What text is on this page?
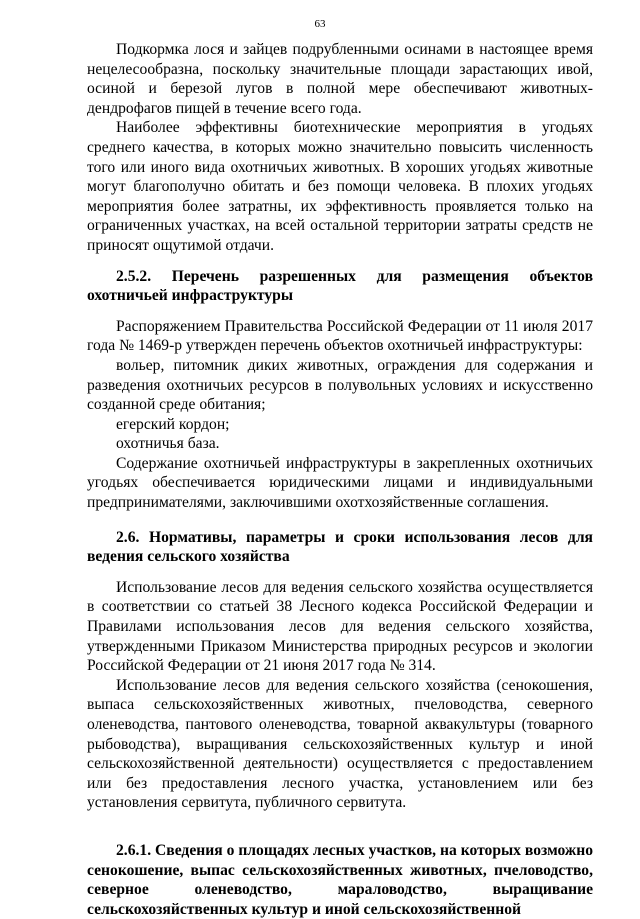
63

Подкормка лося и зайцев подрубленными осинами в настоящее время нецелесообразна, поскольку значительные площади зарастающих ивой, осиной и березой лугов в полной мере обеспечивают животных-дендрофагов пищей в течение всего года.

Наиболее эффективны биотехнические мероприятия в угодьях среднего качества, в которых можно значительно повысить численность того или иного вида охотничьих животных. В хороших угодьях животные могут благополучно обитать и без помощи человека. В плохих угодьях мероприятия более затратны, их эффективность проявляется только на ограниченных участках, на всей остальной территории затраты средств не приносят ощутимой отдачи.

2.5.2. Перечень разрешенных для размещения объектов охотничьей инфраструктуры

Распоряжением Правительства Российской Федерации от 11 июля 2017 года № 1469-р утвержден перечень объектов охотничьей инфраструктуры:

вольер, питомник диких животных, ограждения для содержания и разведения охотничьих ресурсов в полувольных условиях и искусственно созданной среде обитания;

егерский кордон;

охотничья база.

Содержание охотничьей инфраструктуры в закрепленных охотничьих угодьях обеспечивается юридическими лицами и индивидуальными предпринимателями, заключившими охотхозяйственные соглашения.

2.6. Нормативы, параметры и сроки использования лесов для ведения сельского хозяйства

Использование лесов для ведения сельского хозяйства осуществляется в соответствии со статьей 38 Лесного кодекса Российской Федерации и Правилами использования лесов для ведения сельского хозяйства, утвержденными Приказом Министерства природных ресурсов и экологии Российской Федерации от 21 июня 2017 года № 314.

Использование лесов для ведения сельского хозяйства (сенокошения, выпаса сельскохозяйственных животных, пчеловодства, северного оленеводства, пантового оленеводства, товарной аквакультуры (товарного рыбоводства), выращивания сельскохозяйственных культур и иной сельскохозяйственной деятельности) осуществляется с предоставлением или без предоставления лесного участка, установлением или без установления сервитута, публичного сервитута.

2.6.1. Сведения о площадях лесных участков, на которых возможно сенокошение, выпас сельскохозяйственных животных, пчеловодство, северное оленеводство, мараловодство, выращивание сельскохозяйственных культур и иной сельскохозяйственной
